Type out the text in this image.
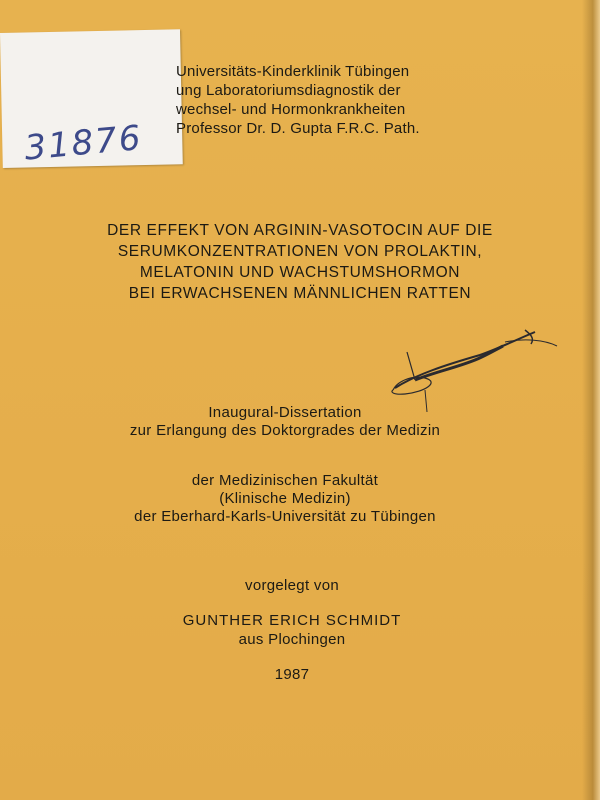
31876
Universitäts-Kinderklinik Tübingen
ung Laboratoriumsdiagnostik der
wechsel- und Hormonkrankheiten
Professor Dr. D. Gupta F.R.C. Path.
DER EFFEKT VON ARGININ-VASOTOCIN AUF DIE
SERUMKONZENTRATIONEN VON PROLAKTIN,
MELATONIN UND WACHSTUMSHORMON
BEI ERWACHSENEN MÄNNLICHEN RATTEN
Inaugural-Dissertation
zur Erlangung des Doktorgrades der Medizin
der Medizinischen Fakultät
(Klinische Medizin)
der Eberhard-Karls-Universität zu Tübingen
vorgelegt von
GUNTHER ERICH SCHMIDT
aus Plochingen
1987
